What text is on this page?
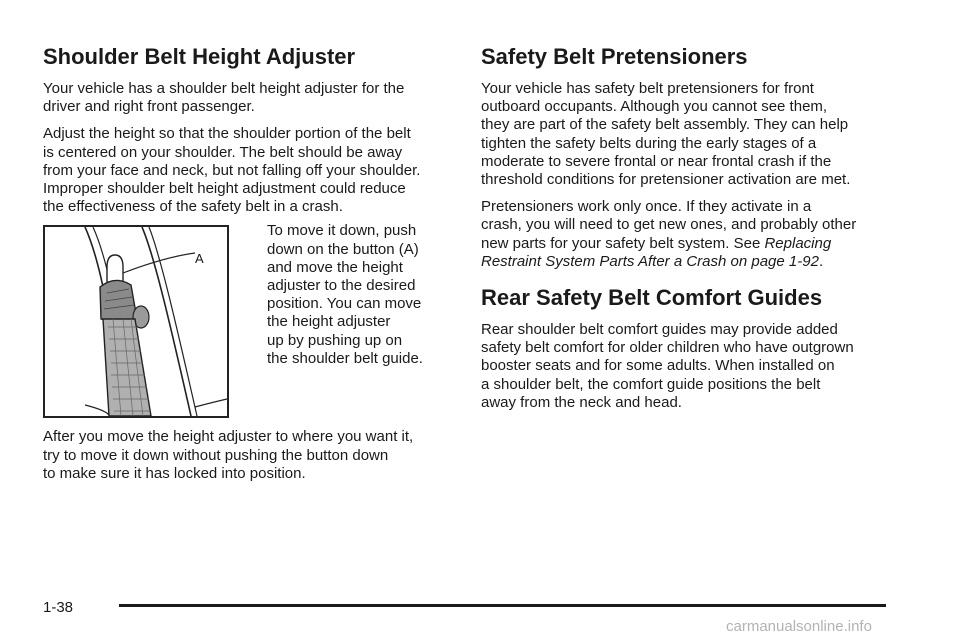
Shoulder Belt Height Adjuster

Your vehicle has a shoulder belt height adjuster for the
driver and right front passenger.

Adjust the height so that the shoulder portion of the belt
is centered on your shoulder. The belt should be away
from your face and neck, but not falling off your shoulder.
Improper shoulder belt height adjustment could reduce
the effectiveness of the safety belt in a crash.

A

To move it down, push
down on the button (A)
and move the height
adjuster to the desired
position. You can move
the height adjuster
up by pushing up on
the shoulder belt guide.

After you move the height adjuster to where you want it,
try to move it down without pushing the button down
to make sure it has locked into position.

Safety Belt Pretensioners

Your vehicle has safety belt pretensioners for front
outboard occupants. Although you cannot see them,
they are part of the safety belt assembly. They can help
tighten the safety belts during the early stages of a
moderate to severe frontal or near frontal crash if the
threshold conditions for pretensioner activation are met.

Pretensioners work only once. If they activate in a
crash, you will need to get new ones, and probably other
new parts for your safety belt system. See Replacing
Restraint System Parts After a Crash on page 1-92.

Rear Safety Belt Comfort Guides

Rear shoulder belt comfort guides may provide added
safety belt comfort for older children who have outgrown
booster seats and for some adults. When installed on
a shoulder belt, the comfort guide positions the belt
away from the neck and head.

1-38
carmanualsonline.info
